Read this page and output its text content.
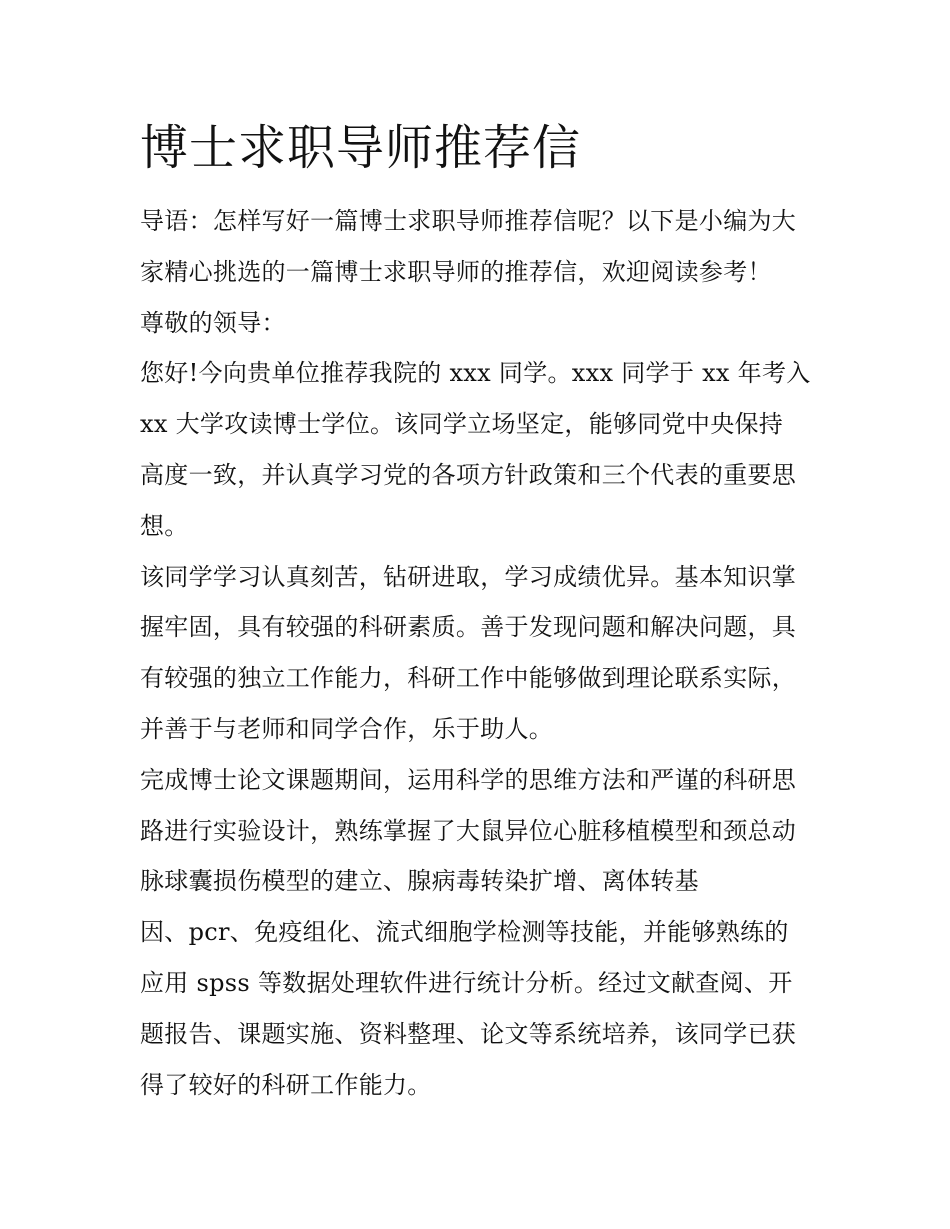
博士求职导师推荐信
导语：怎样写好一篇博士求职导师推荐信呢？以下是小编为大
家精心挑选的一篇博士求职导师的推荐信，欢迎阅读参考！
尊敬的领导：
您好!今向贵单位推荐我院的 xxx 同学。xxx 同学于 xx 年考入
xx 大学攻读博士学位。该同学立场坚定，能够同党中央保持
高度一致，并认真学习党的各项方针政策和三个代表的重要思
想。
该同学学习认真刻苦，钻研进取，学习成绩优异。基本知识掌
握牢固，具有较强的科研素质。善于发现问题和解决问题，具
有较强的独立工作能力，科研工作中能够做到理论联系实际，
并善于与老师和同学合作，乐于助人。
完成博士论文课题期间，运用科学的思维方法和严谨的科研思
路进行实验设计，熟练掌握了大鼠异位心脏移植模型和颈总动
脉球囊损伤模型的建立、腺病毒转染扩增、离体转基
因、pcr、免疫组化、流式细胞学检测等技能，并能够熟练的
应用 spss 等数据处理软件进行统计分析。经过文献查阅、开
题报告、课题实施、资料整理、论文等系统培养，该同学已获
得了较好的科研工作能力。
